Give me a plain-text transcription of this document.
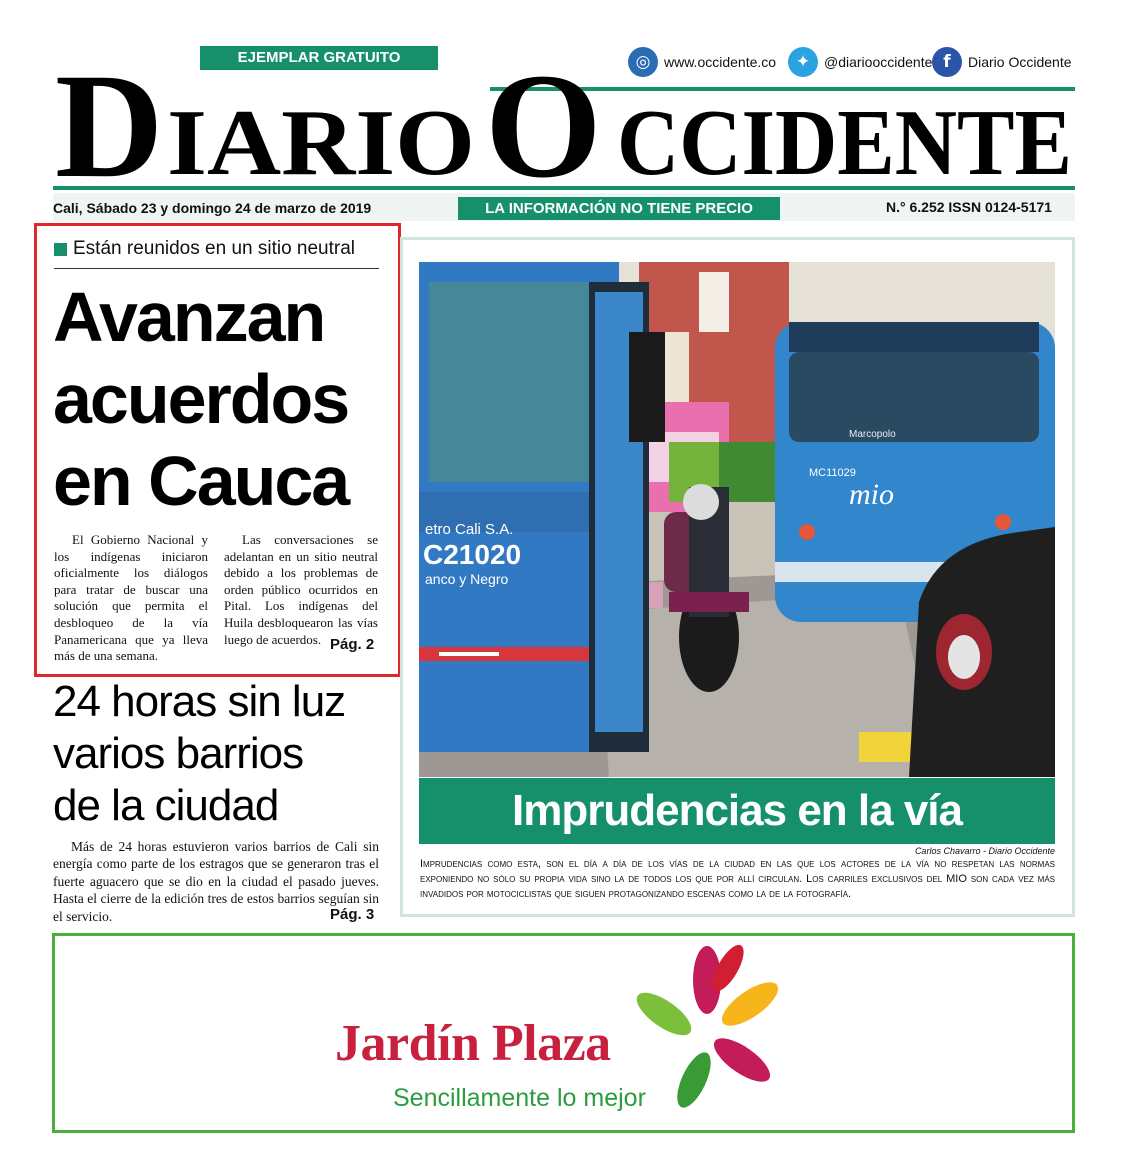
EJEMPLAR GRATUITO	◎ www.occidente.co	✦ @diariooccidente f	Diario Occidente
D IARIO O CCIDENTE
Cali, Sábado 23 y domingo 24 de marzo de 2019	LA INFORMACIÓN NO TIENE PRECIO	N.° 6.252 ISSN 0124-5171
Están reunidos en un sitio neutral
Avanzan
acuerdos
en Cauca
El Gobierno Nacional y los indígenas iniciaron oficialmente los diálogos para tratar de buscar una solución que permita el desbloqueo de la vía Panamericana que ya lleva más de una semana.
Las conversaciones se adelantan en un sitio neutral debido a los problemas de orden público ocurridos en Pital. Los indígenas del Huila desbloquearon las vías luego de acuerdos. Pág. 2
24 horas sin luz
varios barrios
de la ciudad
Más de 24 horas estuvieron varios barrios de Cali sin energía como parte de los estragos que se generaron tras el fuerte aguacero que se dio en la ciudad el pasado jueves. Hasta el cierre de la edición tres de estos barrios seguían sin el servicio.	Pág. 3
etro Cali S.A.
C21020
anco y Negro
Marcopolo
MC11029
mio
Imprudencias en la vía
Carlos Chavarro - Diario Occidente
Imprudencias como esta, son el día a día de los vías de la ciudad en las que los actores de la vía no respetan las normas exponiendo no sólo su propia vida sino la de todos los que por allí circulan. Los carriles exclusivos del MIO son cada vez más invadidos por motociclistas que siguen protagonizando escenas como la de la fotografía.
Jardín Plaza
Sencillamente lo mejor
